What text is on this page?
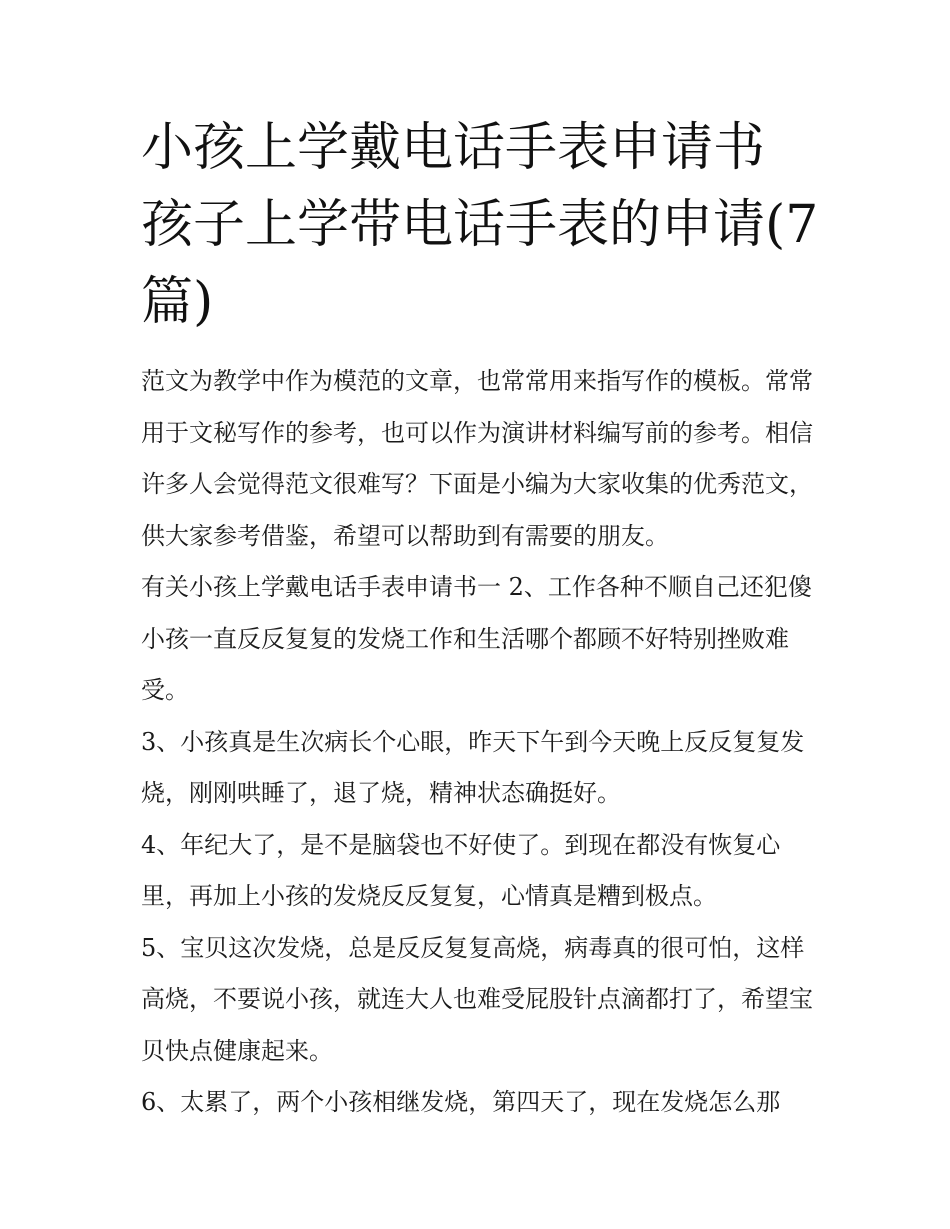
小孩上学戴电话手表申请书 孩子上学带电话手表的申请(7篇)

范文为教学中作为模范的文章，也常常用来指写作的模板。常常用于文秘写作的参考，也可以作为演讲材料编写前的参考。相信许多人会觉得范文很难写？下面是小编为大家收集的优秀范文，供大家参考借鉴，希望可以帮助到有需要的朋友。

有关小孩上学戴电话手表申请书一 2、工作各种不顺自己还犯傻小孩一直反反复复的发烧工作和生活哪个都顾不好特别挫败难受。

3、小孩真是生次病长个心眼，昨天下午到今天晚上反反复复发烧，刚刚哄睡了，退了烧，精神状态确挺好。

4、年纪大了，是不是脑袋也不好使了。到现在都没有恢复心里，再加上小孩的发烧反反复复，心情真是糟到极点。

5、宝贝这次发烧，总是反反复复高烧，病毒真的很可怕，这样高烧，不要说小孩，就连大人也难受屁股针点滴都打了，希望宝贝快点健康起来。

6、太累了，两个小孩相继发烧，第四天了，现在发烧怎么那
